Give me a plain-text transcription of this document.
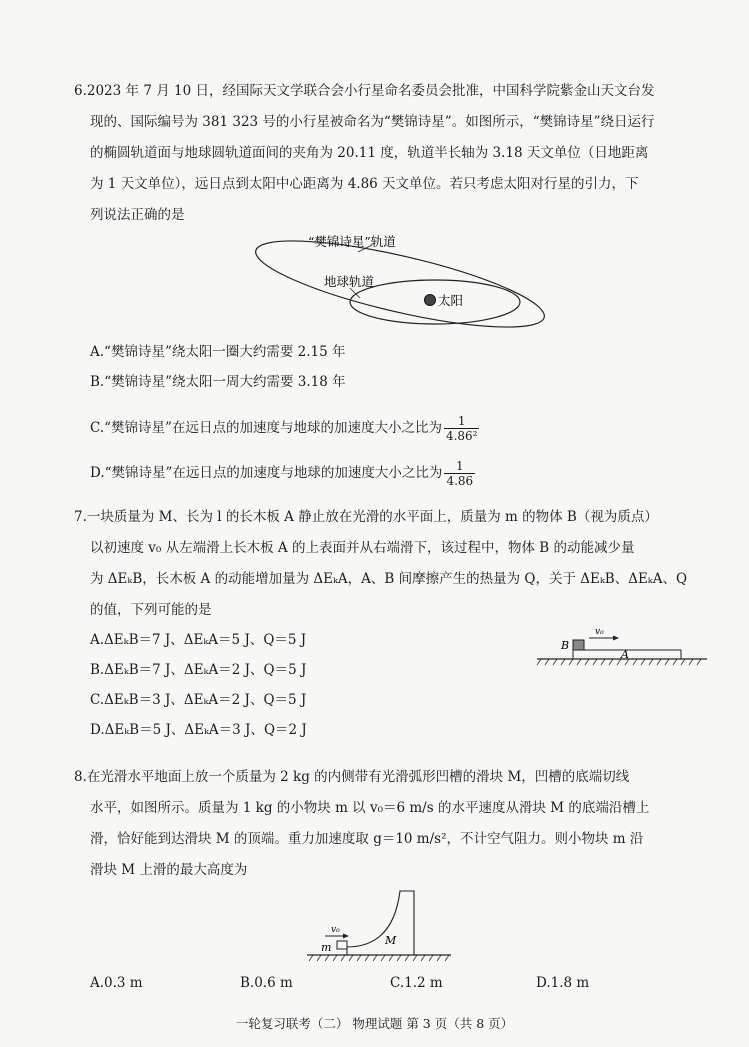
6.2023 年 7 月 10 日，经国际天文学联合会小行星命名委员会批准，中国科学院紫金山天文台发
现的、国际编号为 381 323 号的小行星被命名为“樊锦诗星”。如图所示，“樊锦诗星”绕日运行
的椭圆轨道面与地球圆轨道面间的夹角为 20.11 度，轨道半长轴为 3.18 天文单位（日地距离
为 1 天文单位），远日点到太阳中心距离为 4.86 天文单位。若只考虑太阳对行星的引力，下
列说法正确的是
“樊锦诗星”轨道
地球轨道
太阳
A.“樊锦诗星”绕太阳一圈大约需要 2.15 年
B.“樊锦诗星”绕太阳一周大约需要 3.18 年
C.“樊锦诗星”在远日点的加速度与地球的加速度大小之比为 $\frac{1}{\text{4.86²}}$
D.“樊锦诗星”在远日点的加速度与地球的加速度大小之比为 $\frac{1}{4.86}$
7.一块质量为 M、长为 l 的长木板 A 静止放在光滑的水平面上，质量为 m 的物体 B（视为质点）
以初速度 v₀ 从左端滑上长木板 A 的上表面并从右端滑下，该过程中，物体 B 的动能减少量
为 ΔEₖB，长木板 A 的动能增加量为 ΔEₖA，A、B 间摩擦产生的热量为 Q，关于 ΔEₖB、ΔEₖA、Q
的值，下列可能的是
A.ΔEₖB＝7 J、ΔEₖA＝5 J、Q＝5 J
B.ΔEₖB＝7 J、ΔEₖA＝2 J、Q＝5 J
C.ΔEₖB＝3 J、ΔEₖA＝2 J、Q＝5 J
D.ΔEₖB＝5 J、ΔEₖA＝3 J、Q＝2 J
B
A
v₀
8.在光滑水平地面上放一个质量为 2 kg 的内侧带有光滑弧形凹槽的滑块 M，凹槽的底端切线
水平，如图所示。质量为 1 kg 的小物块 m 以 v₀＝6 m/s 的水平速度从滑块 M 的底端沿槽上
滑，恰好能到达滑块 M 的顶端。重力加速度取 g＝10 m/s²，不计空气阻力。则小物块 m 沿
滑块 M 上滑的最大高度为
m
M
v₀
A.0.3 m	B.0.6 m	C.1.2 m	D.1.8 m
一轮复习联考（二） 物理试题 第 3 页（共 8 页）
